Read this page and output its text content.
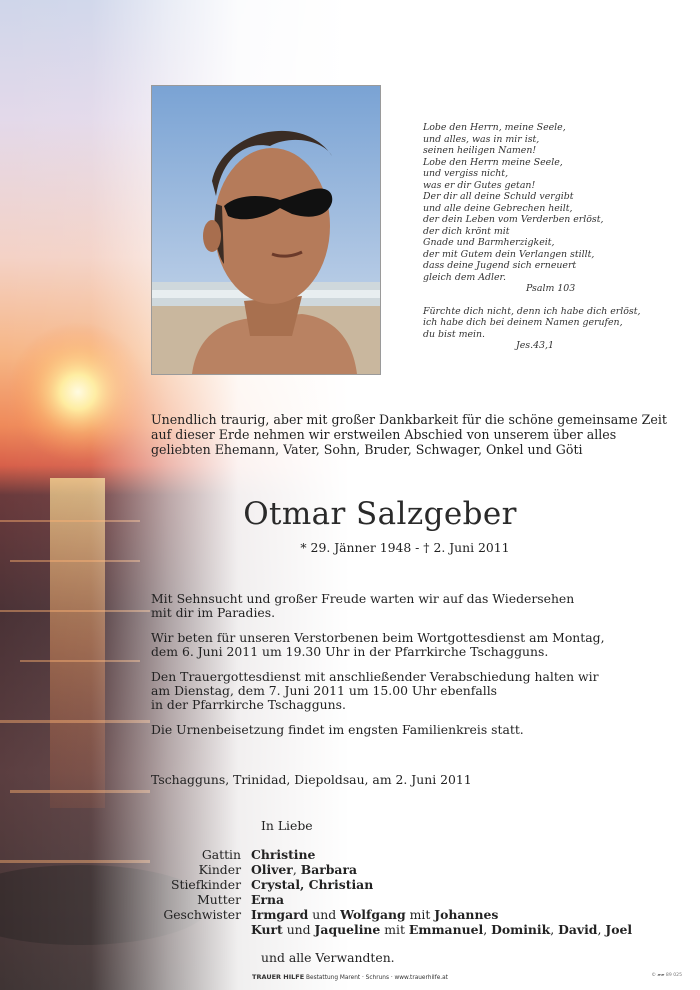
Lobe den Herrn, meine Seele,
und alles, was in mir ist,
seinen heiligen Namen!
Lobe den Herrn meine Seele,
und vergiss nicht,
was er dir Gutes getan!
Der dir all deine Schuld vergibt
und alle deine Gebrechen heilt,
der dein Leben vom Verderben erlöst,
der dich krönt mit
Gnade und Barmherzigkeit,
der mit Gutem dein Verlangen stillt,
dass deine Jugend sich erneuert
gleich dem Adler.
Psalm 103
Fürchte dich nicht, denn ich habe dich erlöst,
ich habe dich bei deinem Namen gerufen,
du bist mein.
Jes.43,1
Unendlich traurig, aber mit großer Dankbarkeit für die schöne gemeinsame Zeit
auf dieser Erde nehmen wir erstweilen Abschied von unserem über alles
geliebten Ehemann, Vater, Sohn, Bruder, Schwager, Onkel und Göti
Otmar Salzgeber
* 29. Jänner 1948 - † 2. Juni 2011

Mit Sehnsucht und großer Freude warten wir auf das Wiedersehen
mit dir im Paradies.

Wir beten für unseren Verstorbenen beim Wortgottesdienst am Montag,
dem 6. Juni 2011 um 19.30 Uhr in der Pfarrkirche Tschagguns.

Den Trauergottesdienst mit anschließender Verabschiedung halten wir
am Dienstag, dem 7. Juni 2011 um 15.00 Uhr ebenfalls
in der Pfarrkirche Tschagguns.

Die Urnenbeisetzung findet im engsten Familienkreis statt.

Tschagguns, Trinidad, Diepoldsau, am 2. Juni 2011
In Liebe
Gattin Christine
Kinder Oliver, Barbara
Stiefkinder Crystal, Christian
Mutter Erna
Geschwister Irmgard und Wolfgang mit Johannes
Kurt und Jaqueline mit Emmanuel, Dominik, David, Joel
und alle Verwandten.
TRAUER HILFE Bestattung Marent · Schruns · www.trauerhilfe.at	© ▰▰ 89 025
